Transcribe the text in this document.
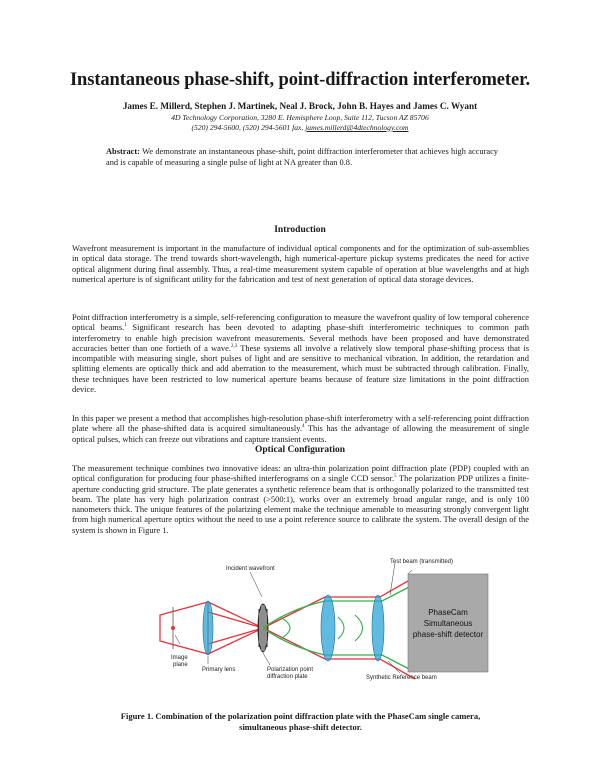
Instantaneous phase-shift, point-diffraction interferometer.
James E. Millerd, Stephen J. Martinek, Neal J. Brock, John B. Hayes and James C. Wyant
4D Technology Corporation, 3280 E. Hemisphere Loop, Suite 112, Tucson AZ 85706
(520) 294-5600, (520) 294-5601 fax, james.millerd@4dtechnology.com
Abstract: We demonstrate an instantaneous phase-shift, point diffraction interferometer that achieves high accuracy and is capable of measuring a single pulse of light at NA greater than 0.8.
Introduction
Wavefront measurement is important in the manufacture of individual optical components and for the optimization of sub-assemblies in optical data storage. The trend towards short-wavelength, high numerical-aperture pickup systems predicates the need for active optical alignment during final assembly. Thus, a real-time measurement system capable of operation at blue wavelengths and at high numerical aperture is of significant utility for the fabrication and test of next generation of optical data storage devices.
Point diffraction interferometry is a simple, self-referencing configuration to measure the wavefront quality of low temporal coherence optical beams.$^1$ Significant research has been devoted to adapting phase-shift interferometric techniques to common path interferometry to enable high precision wavefront measurements. Several methods have been proposed and have demonstrated accuracies better than one fortieth of a wave.$^{2,3}$ These systems all involve a relatively slow temporal phase-shifting process that is incompatible with measuring single, short pulses of light and are sensitive to mechanical vibration. In addition, the retardation and splitting elements are optically thick and add aberration to the measurement, which must be subtracted through calibration. Finally, these techniques have been restricted to low numerical aperture beams because of feature size limitations in the point diffraction device.
In this paper we present a method that accomplishes high-resolution phase-shift interferometry with a self-referencing point diffraction plate where all the phase-shifted data is acquired simultaneously.$^4$ This has the advantage of allowing the measurement of single optical pulses, which can freeze out vibrations and capture transient events.
Optical Configuration
The measurement technique combines two innovative ideas: an ultra-thin polarization point diffraction plate (PDP) coupled with an optical configuration for producing four phase-shifted interferograms on a single CCD sensor.$^5$ The polarization PDP utilizes a finite-aperture conducting grid structure. The plate generates a synthetic reference beam that is orthogonally polarized to the transmitted test beam. The plate has very high polarization contrast (>500:1), works over an extremely broad angular range, and is only 100 nanometers thick. The unique features of the polarizing element make the technique amenable to measuring strongly convergent light from high numerical aperture optics without the need to use a point reference source to calibrate the system. The overall design of the system is shown in Figure 1.
PhaseCam
Simultaneous
phase-shift detector
Incident wavefront
Test beam (transmitted)
Image
plane
Primary lens	Polarization point
diffraction plate	Synthetic Reference beam
Figure 1. Combination of the polarization point diffraction plate with the PhaseCam single camera,
simultaneous phase-shift detector.
